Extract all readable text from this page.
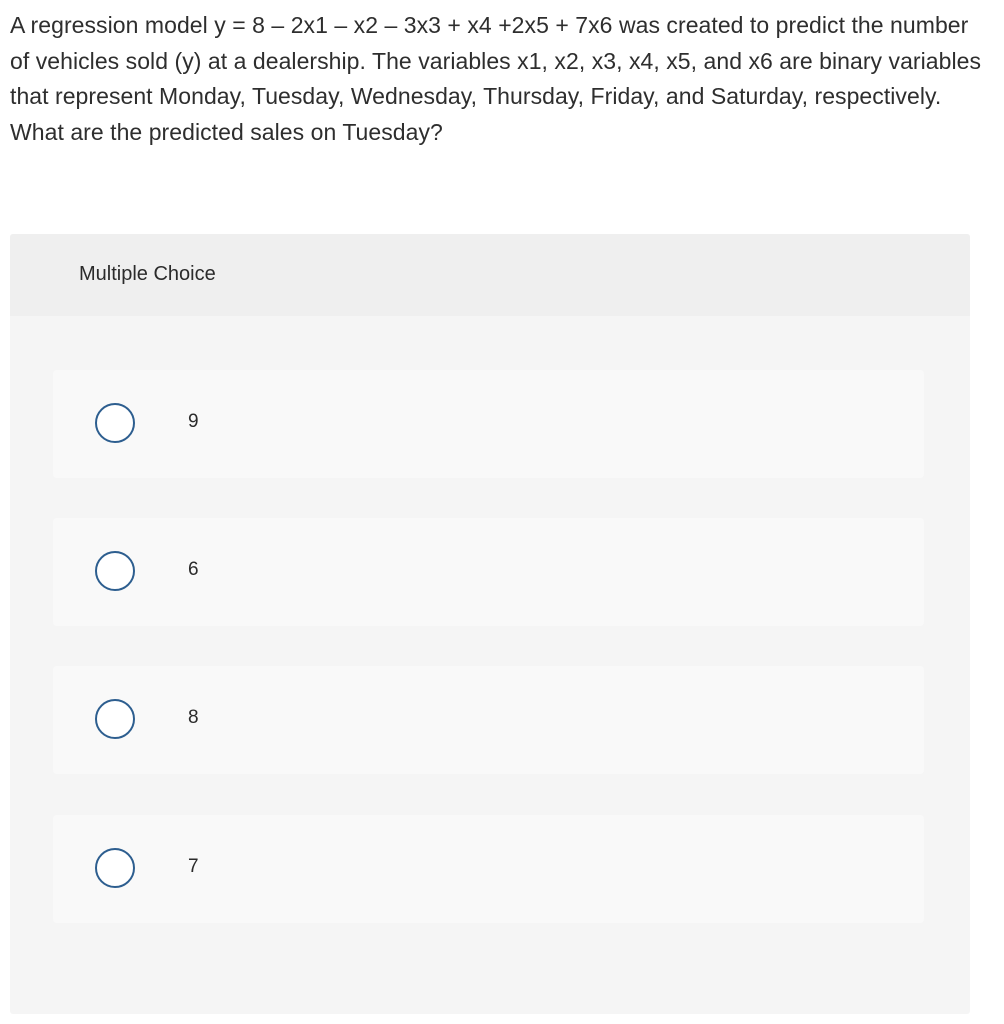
A regression model y = 8 – 2x1 – x2 – 3x3 + x4 +2x5 + 7x6 was created to predict the number of vehicles sold (y) at a dealership. The variables x1, x2, x3, x4, x5, and x6 are binary variables that represent Monday, Tuesday, Wednesday, Thursday, Friday, and Saturday, respectively. What are the predicted sales on Tuesday?
Multiple Choice
9
6
8
7
